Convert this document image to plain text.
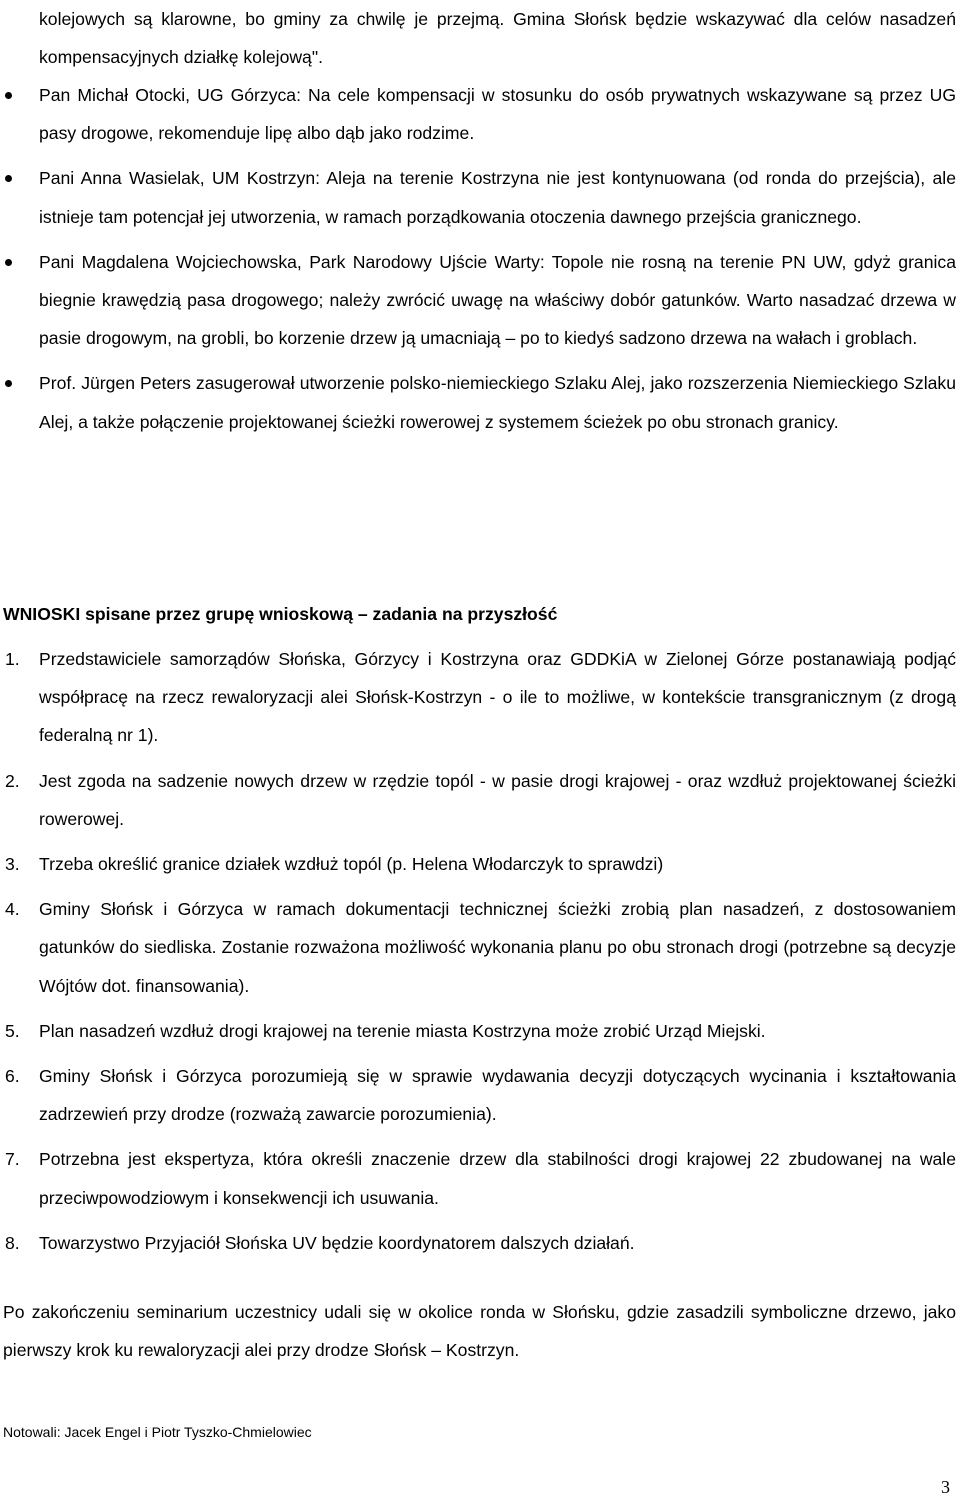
kolejowych są klarowne, bo gminy za chwilę je przejmą. Gmina Słońsk będzie wskazywać dla celów nasadzeń kompensacyjnych działkę kolejową".

Pan Michał Otocki, UG Górzyca: Na cele kompensacji w stosunku do osób prywatnych wskazywane są przez UG pasy drogowe, rekomenduje lipę albo dąb jako rodzime.

Pani Anna Wasielak, UM Kostrzyn: Aleja na terenie Kostrzyna nie jest kontynuowana (od ronda do przejścia), ale istnieje tam potencjał jej utworzenia, w ramach porządkowania otoczenia dawnego przejścia granicznego.

Pani Magdalena Wojciechowska, Park Narodowy Ujście Warty: Topole nie rosną na terenie PN UW, gdyż granica biegnie krawędzią pasa drogowego; należy zwrócić uwagę na właściwy dobór gatunków. Warto nasadzać drzewa w pasie drogowym, na grobli, bo korzenie drzew ją umacniają – po to kiedyś sadzono drzewa na wałach i groblach.

Prof. Jürgen Peters zasugerował utworzenie polsko-niemieckiego Szlaku Alej, jako rozszerzenia Niemieckiego Szlaku Alej, a także połączenie projektowanej ścieżki rowerowej z systemem ścieżek po obu stronach granicy.

WNIOSKI spisane przez grupę wnioskową – zadania na przyszłość
1. Przedstawiciele samorządów Słońska, Górzycy i Kostrzyna oraz GDDKiA w Zielonej Górze postanawiają podjąć współpracę na rzecz rewaloryzacji alei Słońsk-Kostrzyn - o ile to możliwe, w kontekście transgranicznym (z drogą federalną nr 1).

2. Jest zgoda na sadzenie nowych drzew w rzędzie topól - w pasie drogi krajowej - oraz wzdłuż projektowanej ścieżki rowerowej.

3. Trzeba określić granice działek wzdłuż topól (p. Helena Włodarczyk to sprawdzi)

4. Gminy Słońsk i Górzyca w ramach dokumentacji technicznej ścieżki zrobią plan nasadzeń, z dostosowaniem gatunków do siedliska. Zostanie rozważona możliwość wykonania planu po obu stronach drogi (potrzebne są decyzje Wójtów dot. finansowania).

5. Plan nasadzeń wzdłuż drogi krajowej na terenie miasta Kostrzyna może zrobić Urząd Miejski.

6. Gminy Słońsk i Górzyca porozumieją się w sprawie wydawania decyzji dotyczących wycinania i kształtowania zadrzewień przy drodze (rozważą zawarcie porozumienia).

7. Potrzebna jest ekspertyza, która określi znaczenie drzew dla stabilności drogi krajowej 22 zbudowanej na wale przeciwpowodziowym i konsekwencji ich usuwania.

8. Towarzystwo Przyjaciół Słońska UV będzie koordynatorem dalszych działań.

Po zakończeniu seminarium uczestnicy udali się w okolice ronda w Słońsku, gdzie zasadzili symboliczne drzewo, jako pierwszy krok ku rewaloryzacji alei przy drodze Słońsk – Kostrzyn.

Notowali: Jacek Engel i Piotr Tyszko-Chmielowiec
3
